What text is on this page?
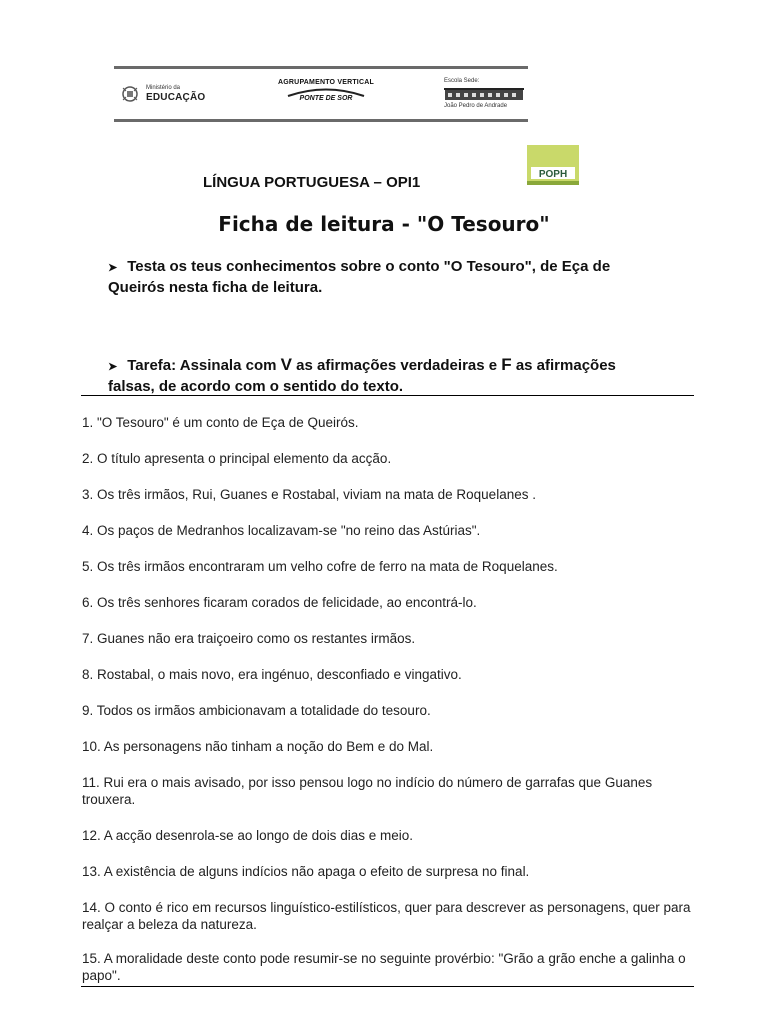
Ministério da
EDUCAÇÃO
AGRUPAMENTO VERTICAL
PONTE DE SOR
Escola Sede:
João Pedro de Andrade
POPH
LÍNGUA PORTUGUESA – OPI1
Ficha de leitura - "O Tesouro"
➤ Testa os teus conhecimentos sobre o conto "O Tesouro", de Eça de
Queirós nesta ficha de leitura.
➤ Tarefa: Assinala com V as afirmações verdadeiras e F as afirmações
falsas, de acordo com o sentido do texto.
1. "O Tesouro" é um conto de Eça de Queirós.
2. O título apresenta o principal elemento da acção.
3. Os três irmãos, Rui, Guanes e Rostabal, viviam na mata de Roquelanes .
4. Os paços de Medranhos localizavam-se "no reino das Astúrias".
5. Os três irmãos encontraram um velho cofre de ferro na mata de Roquelanes.
6. Os três senhores ficaram corados de felicidade, ao encontrá-lo.
7. Guanes não era traiçoeiro como os restantes irmãos.
8. Rostabal, o mais novo, era ingénuo, desconfiado e vingativo.
9. Todos os irmãos ambicionavam a totalidade do tesouro.
10. As personagens não tinham a noção do Bem e do Mal.
11. Rui era o mais avisado, por isso pensou logo no indício do número de garrafas que Guanes trouxera.
12. A acção desenrola-se ao longo de dois dias e meio.
13. A existência de alguns indícios não apaga o efeito de surpresa no final.
14. O conto é rico em recursos linguístico-estilísticos, quer para descrever as personagens, quer para realçar a beleza da natureza.
15. A moralidade deste conto pode resumir-se no seguinte provérbio: "Grão a grão enche a galinha o papo".
